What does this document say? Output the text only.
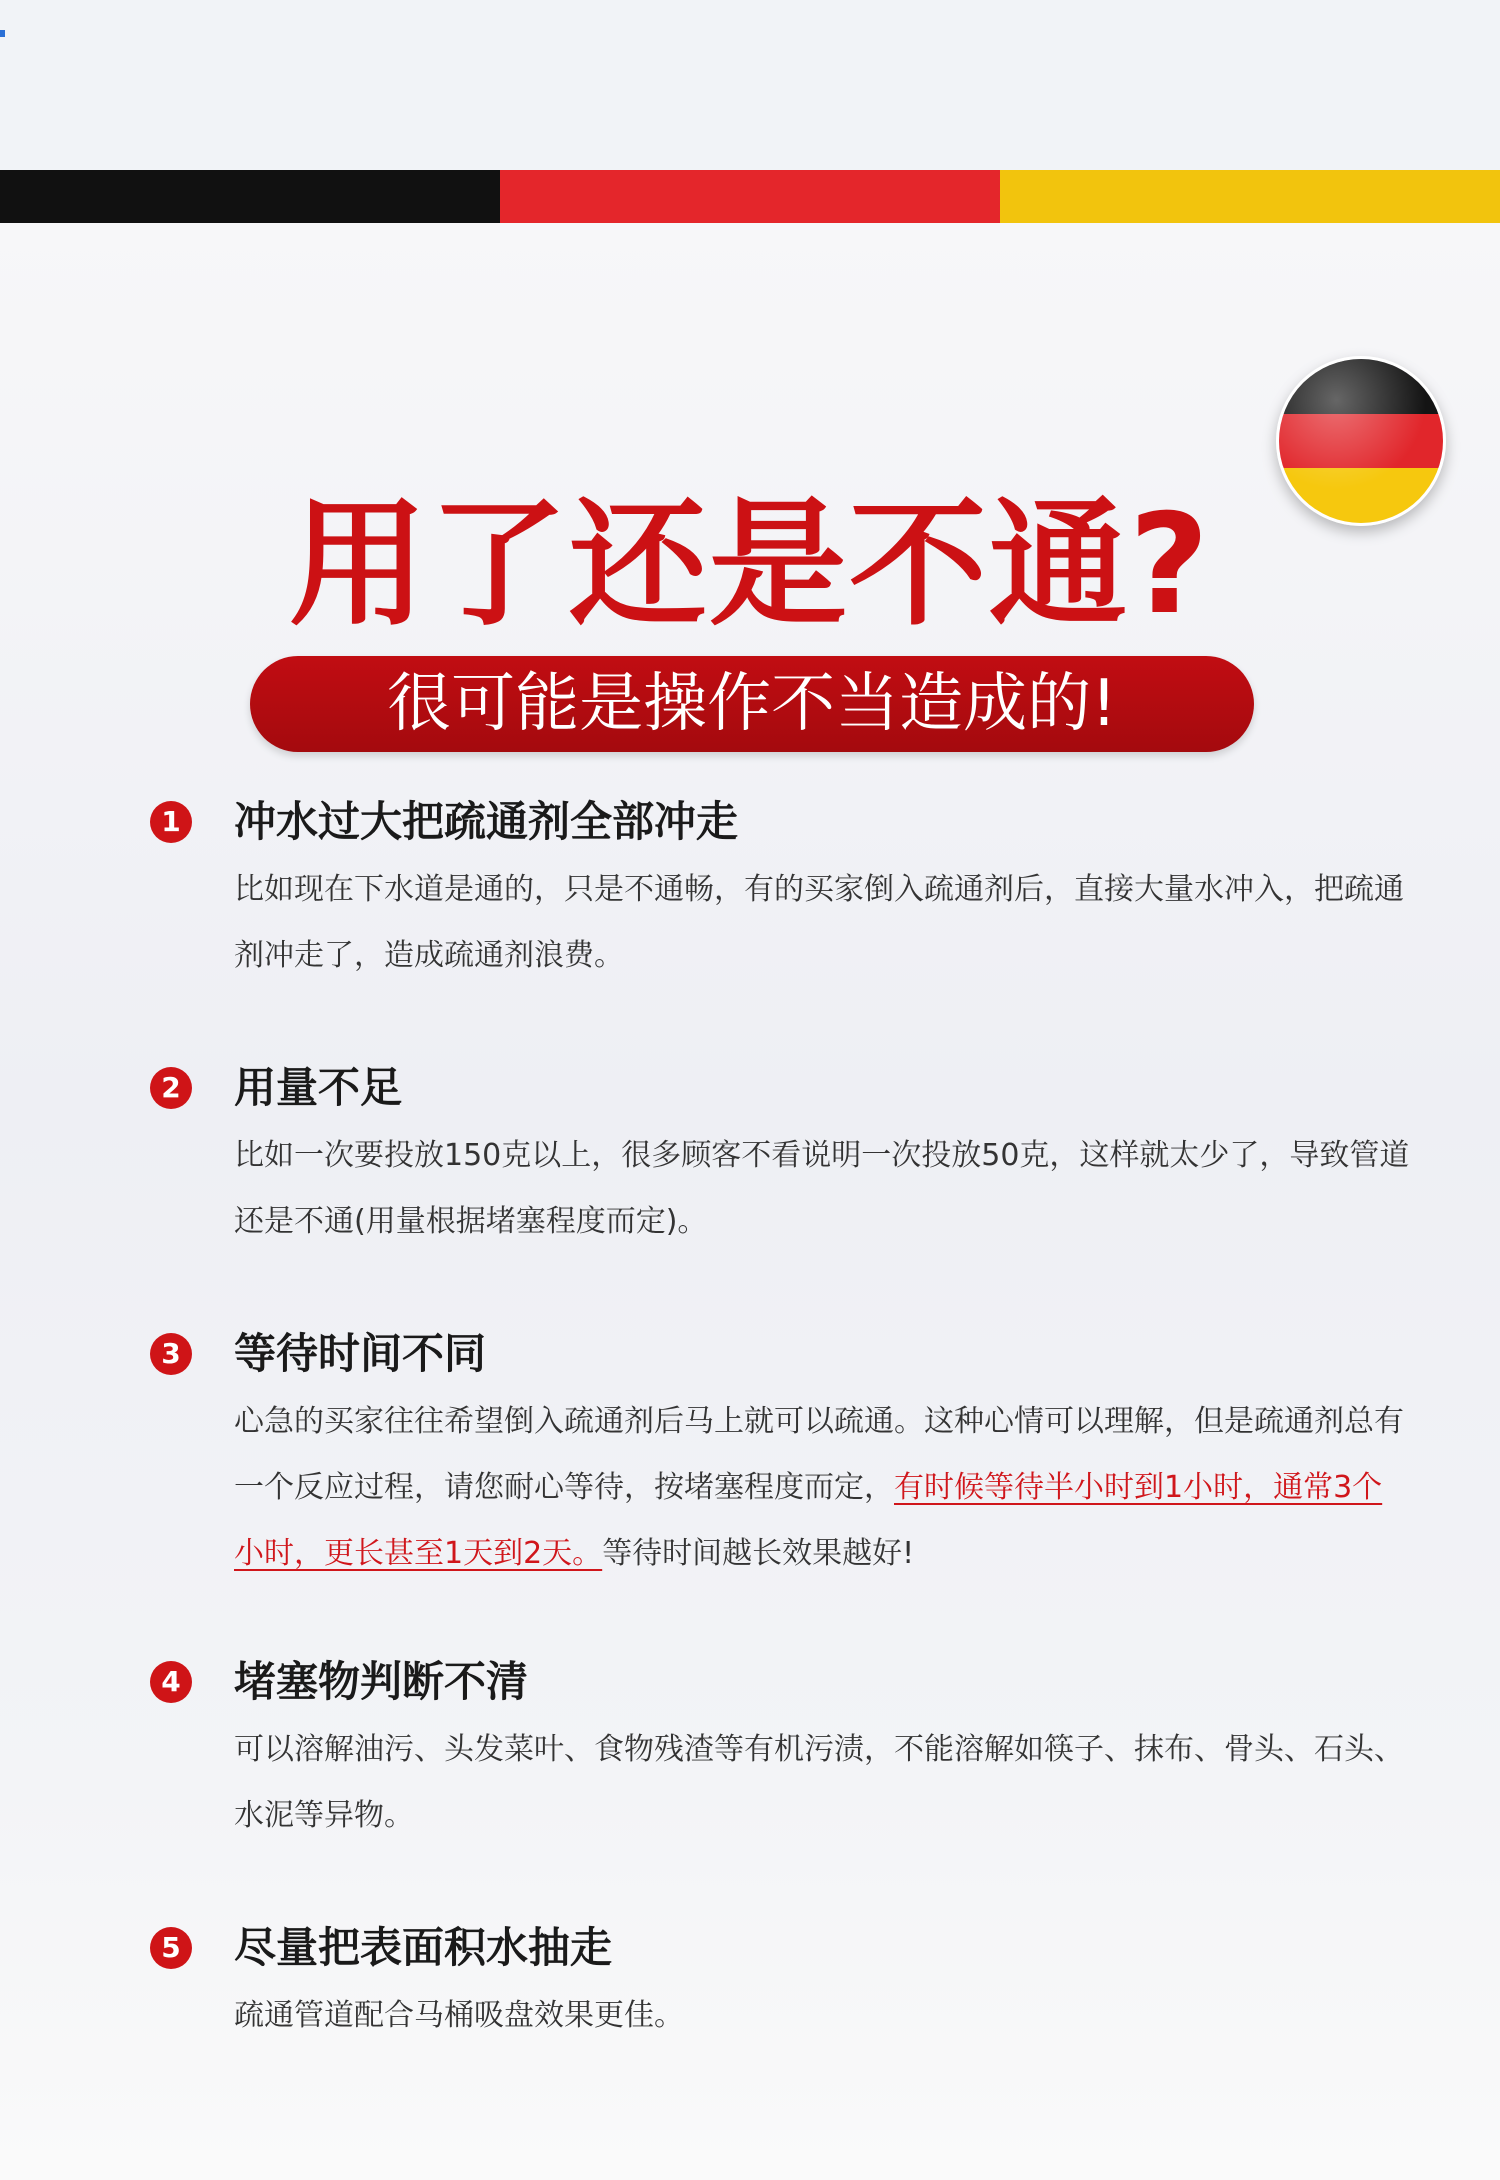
用了还是不通?
很可能是操作不当造成的!
1 冲水过大把疏通剂全部冲走
比如现在下水道是通的，只是不通畅，有的买家倒入疏通剂后，直接大量水冲入，把疏通剂冲走了，造成疏通剂浪费。
2 用量不足
比如一次要投放150克以上，很多顾客不看说明一次投放50克，这样就太少了，导致管道还是不通(用量根据堵塞程度而定)。
3 等待时间不同
心急的买家往往希望倒入疏通剂后马上就可以疏通。这种心情可以理解，但是疏通剂总有一个反应过程，请您耐心等待，按堵塞程度而定，有时候等待半小时到1小时，通常3个小时，更长甚至1天到2天。等待时间越长效果越好!
4 堵塞物判断不清
可以溶解油污、头发菜叶、食物残渣等有机污渍，不能溶解如筷子、抹布、骨头、石头、水泥等异物。
5 尽量把表面积水抽走
疏通管道配合马桶吸盘效果更佳。
